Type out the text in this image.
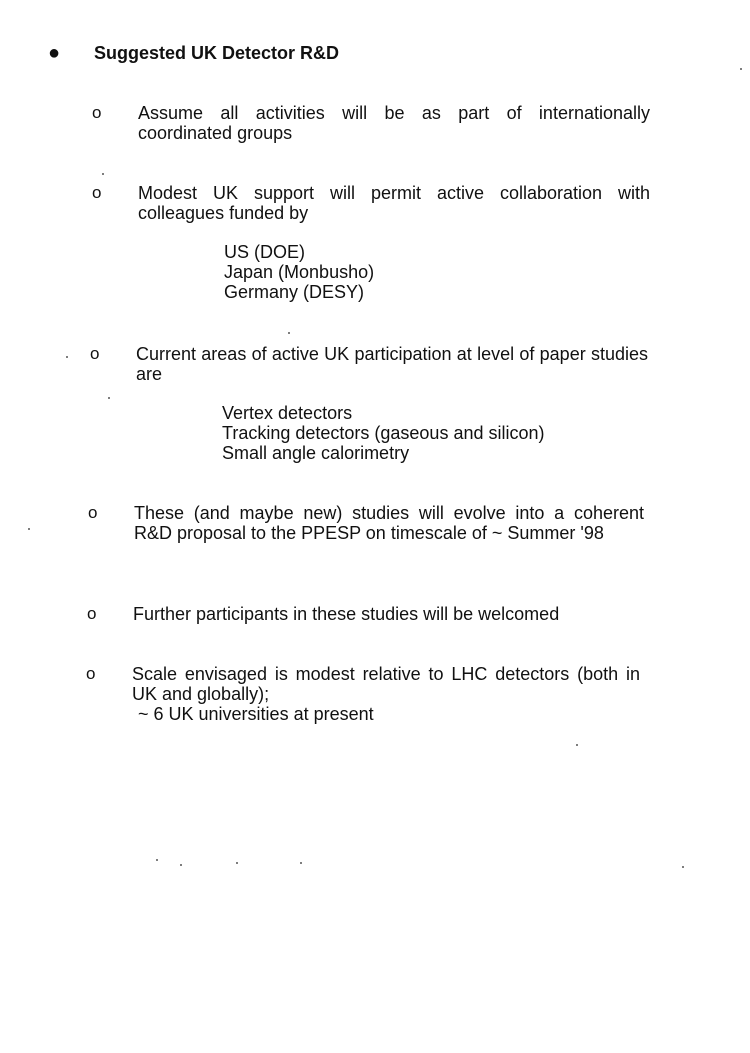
● Suggested UK Detector R&D
o Assume all activities will be as part of internationally coordinated groups
o Modest UK support will permit active collaboration with colleagues funded by
US (DOE)
Japan (Monbusho)
Germany (DESY)
o Current areas of active UK participation at level of paper studies are
Vertex detectors
Tracking detectors (gaseous and silicon)
Small angle calorimetry
o These (and maybe new) studies will evolve into a coherent R&D proposal to the PPESP on timescale of ~ Summer '98
o Further participants in these studies will be welcomed
o Scale envisaged is modest relative to LHC detectors (both in UK and globally);
~ 6 UK universities at present
